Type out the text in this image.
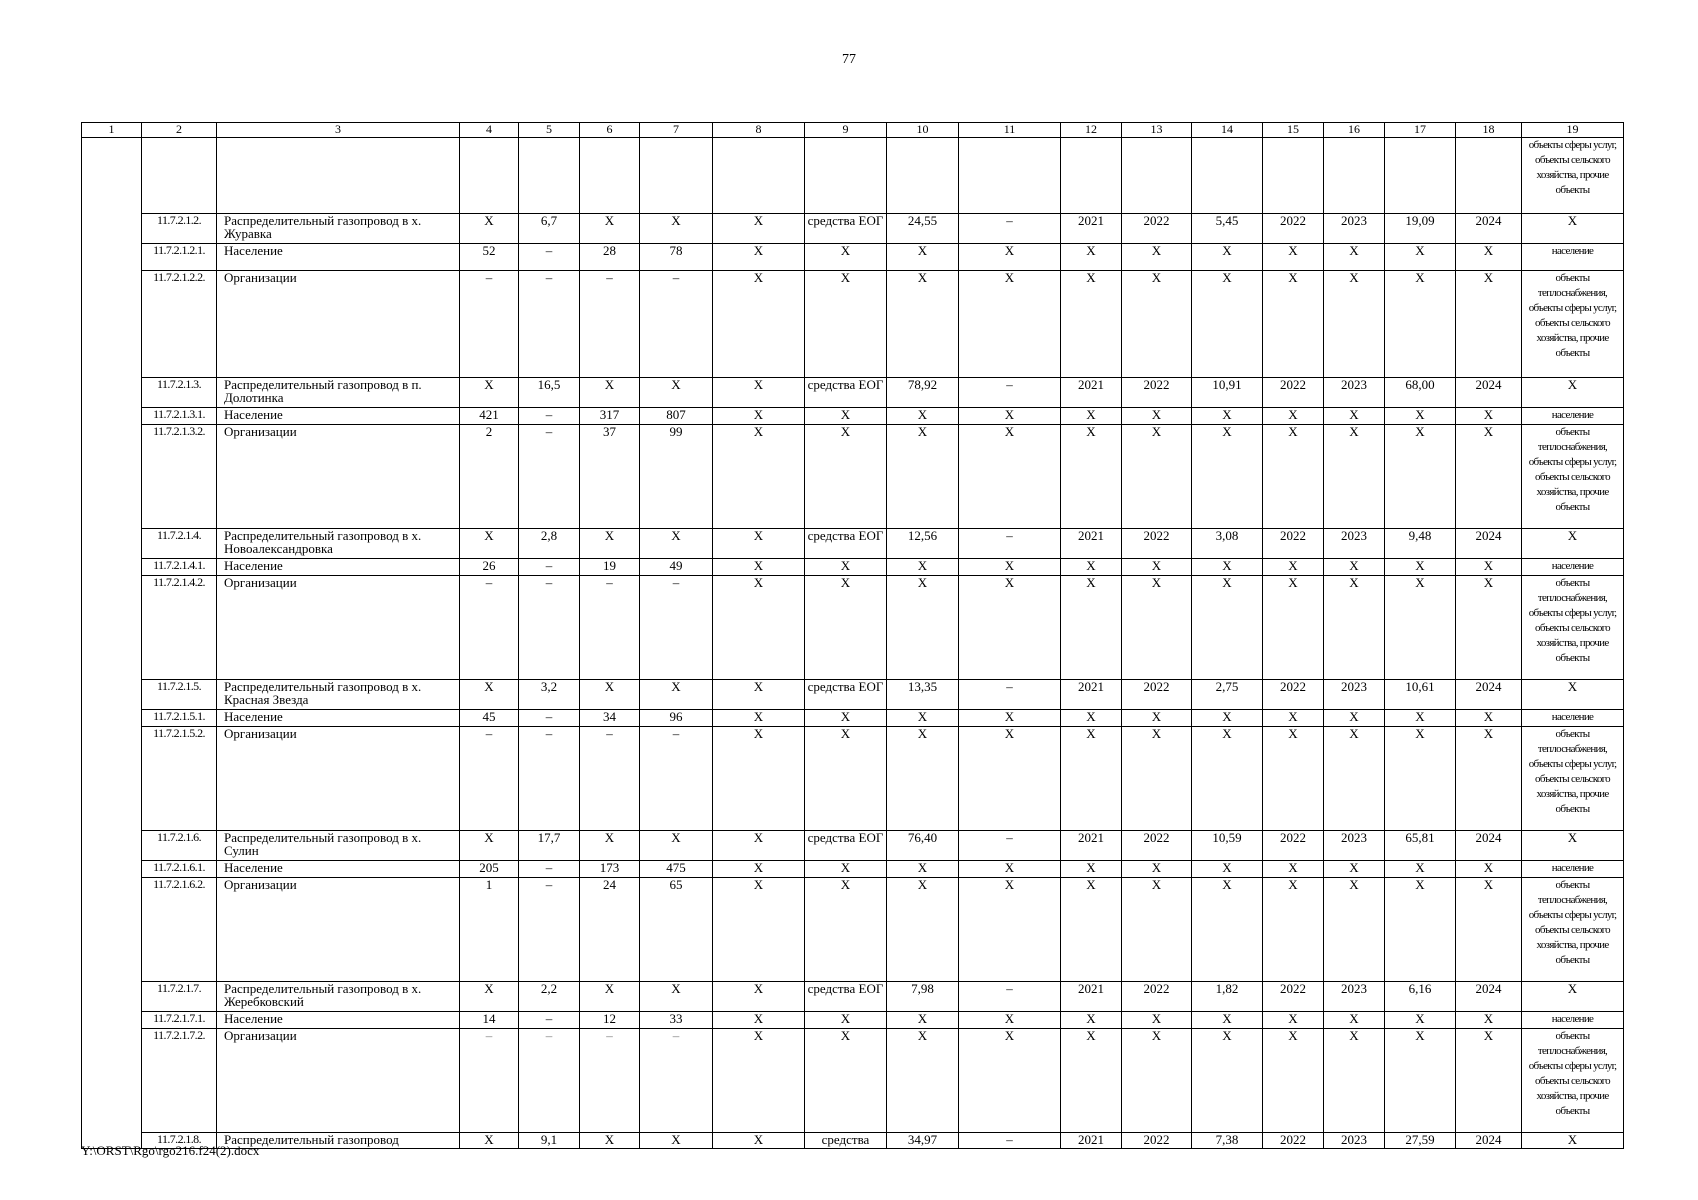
77
1	2	3	4	5	6	7	8	9	10	11	12	13	14	15	16	17	18	19
																		объекты сферы услуг, объекты сельского хозяйства, прочие объекты
	11.7.2.1.2.	Распределительный газопровод в х. Журавка	Х	6,7	Х	Х	Х	средства ЕОГ	24,55	–	2021	2022	5,45	2022	2023	19,09	2024	Х
	11.7.2.1.2.1.	Население	52	–	28	78	Х	Х	Х	Х	Х	Х	Х	Х	Х	Х	Х	население
	11.7.2.1.2.2.	Организации	–	–	–	–	Х	Х	Х	Х	Х	Х	Х	Х	Х	Х	Х	объекты теплоснабжения, объекты сферы услуг, объекты сельского хозяйства, прочие объекты
	11.7.2.1.3.	Распределительный газопровод в п. Долотинка	Х	16,5	Х	Х	Х	средства ЕОГ	78,92	–	2021	2022	10,91	2022	2023	68,00	2024	Х
	11.7.2.1.3.1.	Население	421	–	317	807	Х	Х	Х	Х	Х	Х	Х	Х	Х	Х	Х	население
	11.7.2.1.3.2.	Организации	2	–	37	99	Х	Х	Х	Х	Х	Х	Х	Х	Х	Х	Х	объекты теплоснабжения, объекты сферы услуг, объекты сельского хозяйства, прочие объекты
	11.7.2.1.4.	Распределительный газопровод в х. Новоалександровка	Х	2,8	Х	Х	Х	средства ЕОГ	12,56	–	2021	2022	3,08	2022	2023	9,48	2024	Х
	11.7.2.1.4.1.	Население	26	–	19	49	Х	Х	Х	Х	Х	Х	Х	Х	Х	Х	Х	население
	11.7.2.1.4.2.	Организации	–	–	–	–	Х	Х	Х	Х	Х	Х	Х	Х	Х	Х	Х	объекты теплоснабжения, объекты сферы услуг, объекты сельского хозяйства, прочие объекты
	11.7.2.1.5.	Распределительный газопровод в х. Красная Звезда	Х	3,2	Х	Х	Х	средства ЕОГ	13,35	–	2021	2022	2,75	2022	2023	10,61	2024	Х
	11.7.2.1.5.1.	Население	45	–	34	96	Х	Х	Х	Х	Х	Х	Х	Х	Х	Х	Х	население
	11.7.2.1.5.2.	Организации	–	–	–	–	Х	Х	Х	Х	Х	Х	Х	Х	Х	Х	Х	объекты теплоснабжения, объекты сферы услуг, объекты сельского хозяйства, прочие объекты
	11.7.2.1.6.	Распределительный газопровод в х. Сулин	Х	17,7	Х	Х	Х	средства ЕОГ	76,40	–	2021	2022	10,59	2022	2023	65,81	2024	Х
	11.7.2.1.6.1.	Население	205	–	173	475	Х	Х	Х	Х	Х	Х	Х	Х	Х	Х	Х	население
	11.7.2.1.6.2.	Организации	1	–	24	65	Х	Х	Х	Х	Х	Х	Х	Х	Х	Х	Х	объекты теплоснабжения, объекты сферы услуг, объекты сельского хозяйства, прочие объекты
	11.7.2.1.7.	Распределительный газопровод в х. Жеребковский	Х	2,2	Х	Х	Х	средства ЕОГ	7,98	–	2021	2022	1,82	2022	2023	6,16	2024	Х
	11.7.2.1.7.1.	Население	14	–	12	33	Х	Х	Х	Х	Х	Х	Х	Х	Х	Х	Х	население
	11.7.2.1.7.2.	Организации	–	–	–	–	Х	Х	Х	Х	Х	Х	Х	Х	Х	Х	Х	объекты теплоснабжения, объекты сферы услуг, объекты сельского хозяйства, прочие объекты
	11.7.2.1.8.	Распределительный газопровод	Х	9,1	Х	Х	Х	средства	34,97	–	2021	2022	7,38	2022	2023	27,59	2024	Х
Y:\ORST\Rgo\rgo216.f24(2).docx
